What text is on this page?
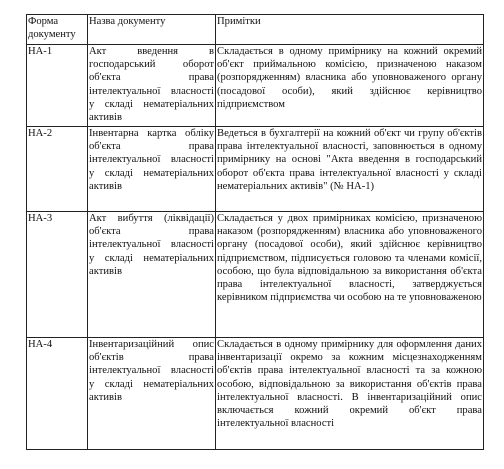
Форма документу	Назва документу	Примітки
НА-1	Акт введення в господарський оборот об'єкта права інтелектуальної власності у складі нематеріальних активів	Складається в одному примірнику на кожний окремий об'єкт приймальною комісією, призначеною наказом (розпорядженням) власника або уповноваженого органу (посадової особи), який здійснює керівництво підприємством
НА-2	Інвентарна картка обліку об'єкта права інтелектуальної власності у складі нематеріальних активів	Ведеться в бухгалтерії на кожний об'єкт чи групу об'єктів права інтелектуальної власності, заповнюється в одному примірнику на основі "Акта введення в господарський оборот об'єкта права інтелектуальної власності у складі нематеріальних активів" (№ НА-1)
НА-3	Акт вибуття (ліквідації) об'єкта права інтелектуальної власності у складі нематеріальних активів	Складається у двох примірниках комісією, призначеною наказом (розпорядженням) власника або уповноваженого органу (посадової особи), який здійснює керівництво підприємством, підписується головою та членами комісії, особою, що була відповідальною за використання об'єкта права інтелектуальної власності, затверджується керівником підприємства чи особою на те уповноваженою
НА-4	Інвентаризаційний опис об'єктів права інтелектуальної власності у складі нематеріальних активів	Складається в одному примірнику для оформлення даних інвентаризації окремо за кожним місцезнаходженням об'єктів права інтелектуальної власності та за кожною особою, відповідальною за використання об'єктів права інтелектуальної власності. В інвентаризаційний опис включається кожний окремий об'єкт права інтелектуальної власності
